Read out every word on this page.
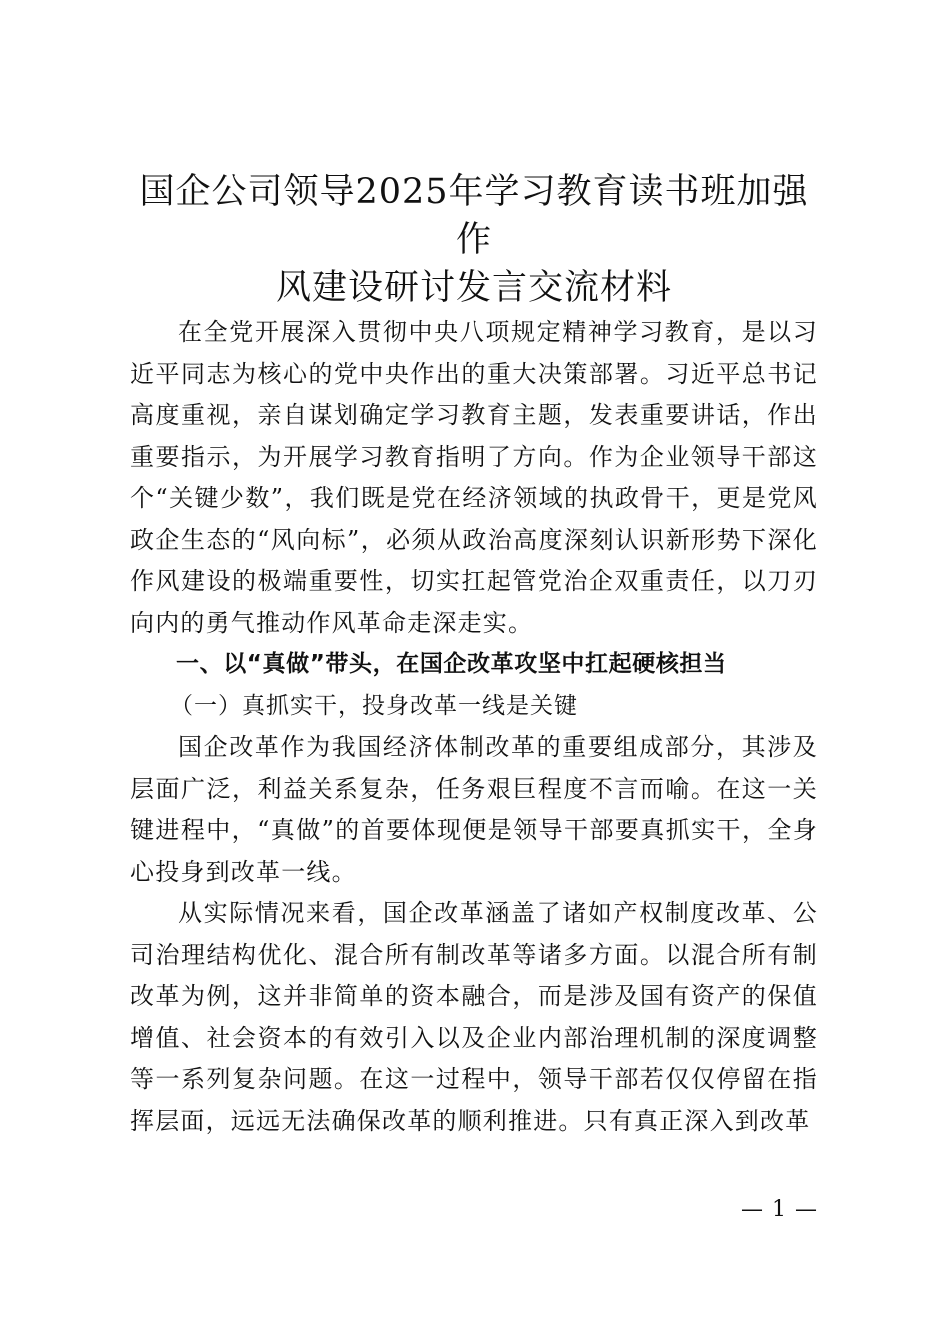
国企公司领导2025年学习教育读书班加强作
风建设研讨发言交流材料

在全党开展深入贯彻中央八项规定精神学习教育，是以习近平同志为核心的党中央作出的重大决策部署。习近平总书记高度重视，亲自谋划确定学习教育主题，发表重要讲话，作出重要指示，为开展学习教育指明了方向。作为企业领导干部这个“关键少数”，我们既是党在经济领域的执政骨干，更是党风政企生态的“风向标”，必须从政治高度深刻认识新形势下深化作风建设的极端重要性，切实扛起管党治企双重责任，以刀刃向内的勇气推动作风革命走深走实。

一、以“真做”带头，在国企改革攻坚中扛起硬核担当

（一）真抓实干，投身改革一线是关键

国企改革作为我国经济体制改革的重要组成部分，其涉及层面广泛，利益关系复杂，任务艰巨程度不言而喻。在这一关键进程中，“真做”的首要体现便是领导干部要真抓实干，全身心投身到改革一线。

从实际情况来看，国企改革涵盖了诸如产权制度改革、公司治理结构优化、混合所有制改革等诸多方面。以混合所有制改革为例，这并非简单的资本融合，而是涉及国有资产的保值增值、社会资本的有效引入以及企业内部治理机制的深度调整等一系列复杂问题。在这一过程中，领导干部若仅仅停留在指挥层面，远远无法确保改革的顺利推进。只有真正深入到改革

— 1 —
